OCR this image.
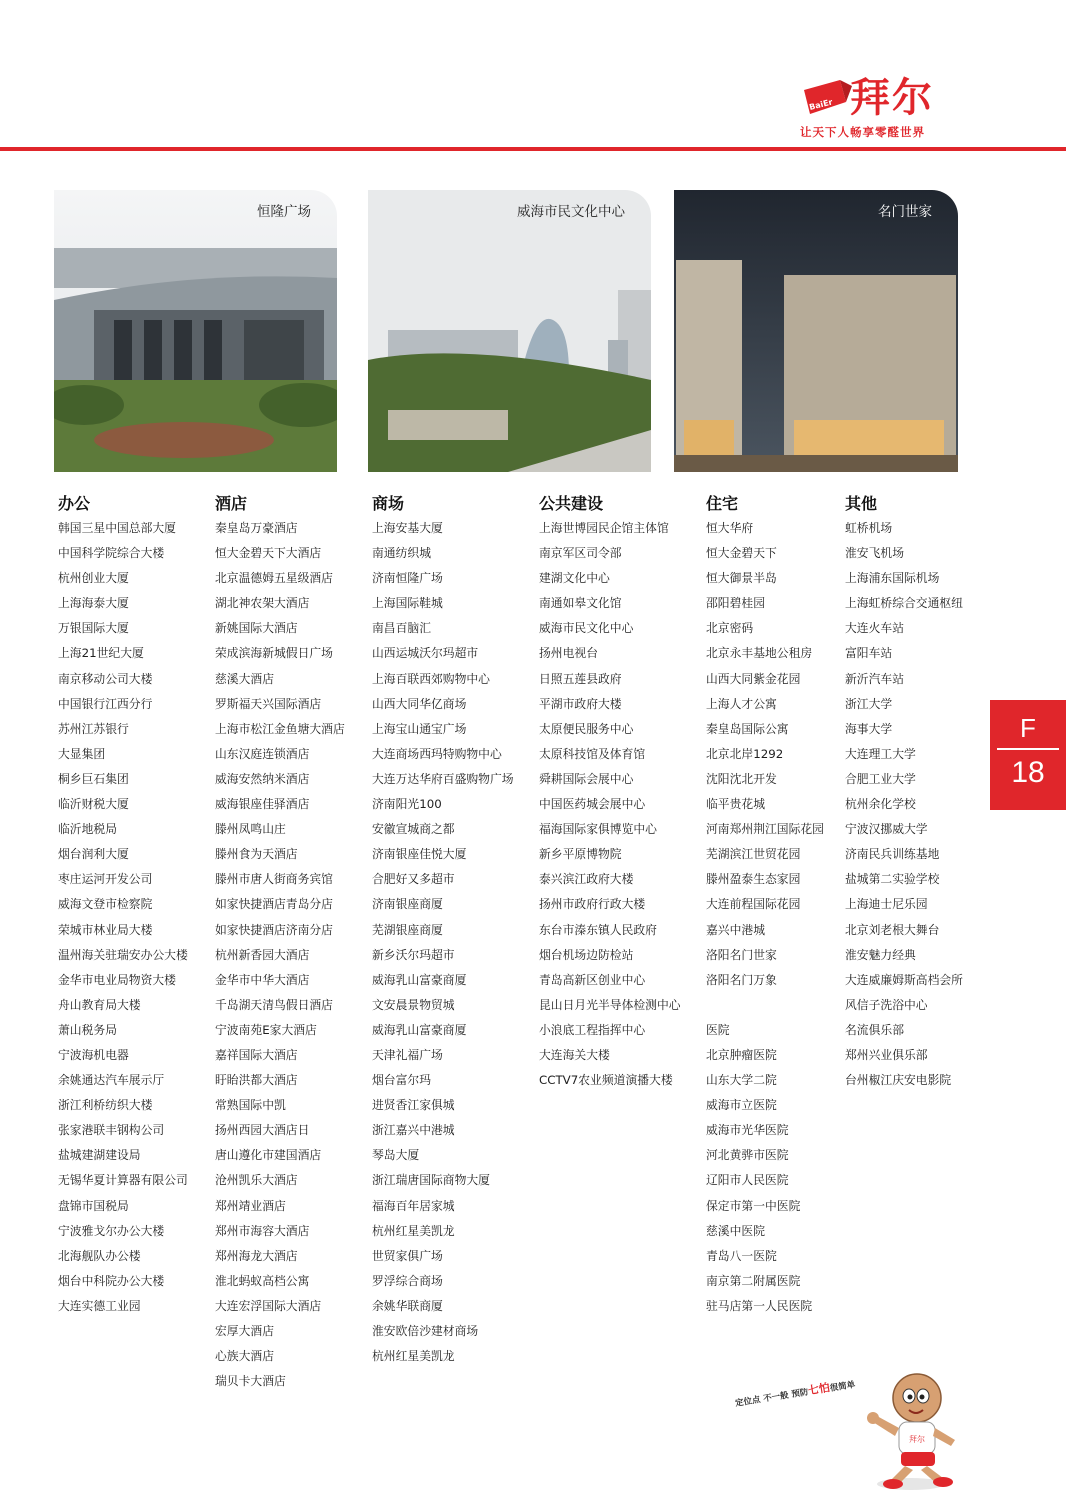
BaiEr 拜尔
让天下人畅享零醛世界
恒隆广场	威海市民文化中心	名门世家
办公
韩国三星中国总部大厦
中国科学院综合大楼
杭州创业大厦
上海海泰大厦
万银国际大厦
上海21世纪大厦
南京移动公司大楼
中国银行江西分行
苏州江苏银行
大显集团
桐乡巨石集团
临沂财税大厦
临沂地税局
烟台润利大厦
枣庄运河开发公司
威海文登市检察院
荣城市林业局大楼
温州海关驻瑞安办公大楼
金华市电业局物资大楼
舟山教育局大楼
萧山税务局
宁波海机电器
余姚通达汽车展示厅
浙江利桥纺织大楼
张家港联丰钢构公司
盐城建湖建设局
无锡华夏计算器有限公司
盘锦市国税局
宁波雅戈尔办公大楼
北海舰队办公楼
烟台中科院办公大楼
大连实德工业园
酒店
秦皇岛万豪酒店
恒大金碧天下大酒店
北京温德姆五星级酒店
湖北神农架大酒店
新姚国际大酒店
荣成滨海新城假日广场
慈溪大酒店
罗斯福天兴国际酒店
上海市松江金鱼塘大酒店
山东汉庭连锁酒店
威海安然纳米酒店
威海银座佳驿酒店
滕州凤鸣山庄
滕州食为天酒店
滕州市唐人街商务宾馆
如家快捷酒店青岛分店
如家快捷酒店济南分店
杭州新香园大酒店
金华市中华大酒店
千岛湖天清鸟假日酒店
宁波南苑E家大酒店
嘉祥国际大酒店
盱眙洪都大酒店
常熟国际中凯
扬州西园大酒店日
唐山遵化市建国酒店
沧州凯乐大酒店
郑州靖业酒店
郑州市海容大酒店
郑州海龙大酒店
淮北蚂蚁高档公寓
大连宏浮国际大酒店
宏厚大酒店
心族大酒店
瑞贝卡大酒店
商场
上海安基大厦
南通纺织城
济南恒隆广场
上海国际鞋城
南昌百脑汇
山西运城沃尔玛超市
上海百联西郊购物中心
山西大同华亿商场
上海宝山通宝广场
大连商场西玛特购物中心
大连万达华府百盛购物广场
济南阳光100
安徽宣城商之都
济南银座佳悦大厦
合肥好又多超市
济南银座商厦
芜湖银座商厦
新乡沃尔玛超市
威海乳山富豪商厦
文安晨景物贸城
威海乳山富豪商厦
天津礼福广场
烟台富尔玛
进贤香江家俱城
浙江嘉兴中港城
琴岛大厦
浙江瑞唐国际商物大厦
福海百年居家城
杭州红星美凯龙
世贸家俱广场
罗浮综合商场
余姚华联商厦
淮安欧倍沙建材商场
杭州红星美凯龙
公共建设
上海世博园民企馆主体馆
南京军区司令部
建湖文化中心
南通如皋文化馆
威海市民文化中心
扬州电视台
日照五莲县政府
平湖市政府大楼
太原便民服务中心
太原科技馆及体育馆
舜耕国际会展中心
中国医药城会展中心
福海国际家俱博览中心
新乡平原博物院
泰兴滨江政府大楼
扬州市政府行政大楼
东台市溱东镇人民政府
烟台机场边防检站
青岛高新区创业中心
昆山日月光半导体检测中心
小浪底工程指挥中心
大连海关大楼
CCTV7农业频道演播大楼
住宅
恒大华府
恒大金碧天下
恒大御景半岛
邵阳碧桂园
北京密码
北京永丰基地公租房
山西大同紫金花园
上海人才公寓
秦皇岛国际公寓
北京北岸1292
沈阳沈北开发
临平贵花城
河南郑州荆江国际花园
芜湖滨江世贸花园
滕州盈泰生态家园
大连前程国际花园
嘉兴中港城
洛阳名门世家
洛阳名门万象
医院
北京肿瘤医院
山东大学二院
威海市立医院
威海市光华医院
河北黄骅市医院
辽阳市人民医院
保定市第一中医院
慈溪中医院
青岛八一医院
南京第二附属医院
驻马店第一人民医院
其他
虹桥机场
淮安飞机场
上海浦东国际机场
上海虹桥综合交通枢纽
大连火车站
富阳车站
新沂汽车站
浙江大学
海事大学
大连理工大学
合肥工业大学
杭州余化学校
宁波汉挪威大学
济南民兵训练基地
盐城第二实验学校
上海迪士尼乐园
北京刘老根大舞台
淮安魅力经典
大连威廉姆斯高档会所
风信子洗浴中心
名流俱乐部
郑州兴业俱乐部
台州椒江庆安电影院
F
18
定位点 不一般 预防七怕很简单
拜尔
